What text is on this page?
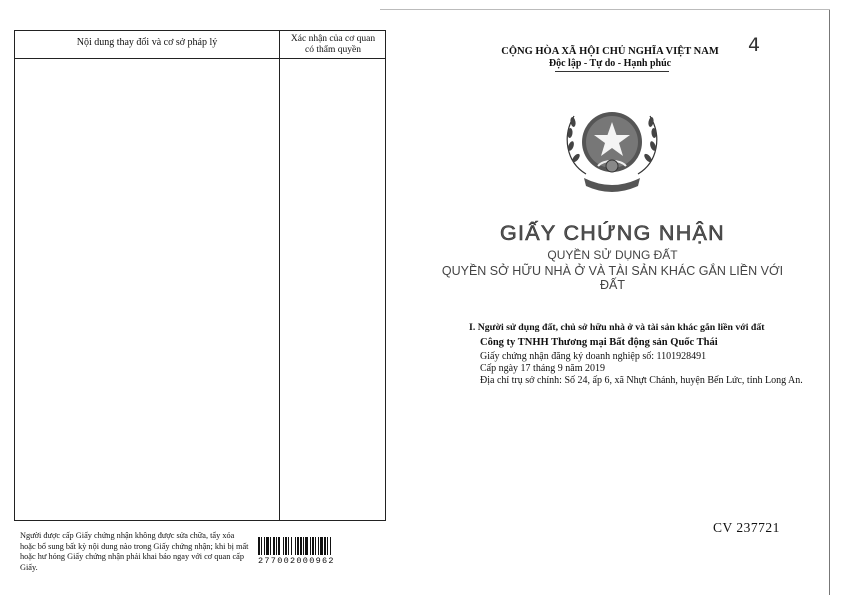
Nội dung thay đổi và cơ sở pháp lý	Xác nhận của cơ quan
có thẩm quyền
Người được cấp Giấy chứng nhận không được sửa chữa, tẩy xóa hoặc bổ sung bất kỳ nội dung nào trong Giấy chứng nhận; khi bị mất hoặc hư hỏng Giấy chứng nhận phải khai báo ngay với cơ quan cấp Giấy.
277002000962
4
CỘNG HÒA XÃ HỘI CHỦ NGHĨA VIỆT NAM
Độc lập - Tự do - Hạnh phúc
GIẤY CHỨNG NHẬN
QUYỀN SỬ DỤNG ĐẤT
QUYỀN SỞ HỮU NHÀ Ở VÀ TÀI SẢN KHÁC GẮN LIỀN VỚI ĐẤT
I. Người sử dụng đất, chủ sở hữu nhà ở và tài sản khác gắn liền với đất
Công ty TNHH Thương mại Bất động sản Quốc Thái
Giấy chứng nhận đăng ký doanh nghiệp số: 1101928491
Cấp ngày 17 tháng 9 năm 2019
Địa chỉ trụ sở chính: Số 24, ấp 6, xã Nhựt Chánh, huyện Bến Lức, tỉnh Long An.
CV 237721
